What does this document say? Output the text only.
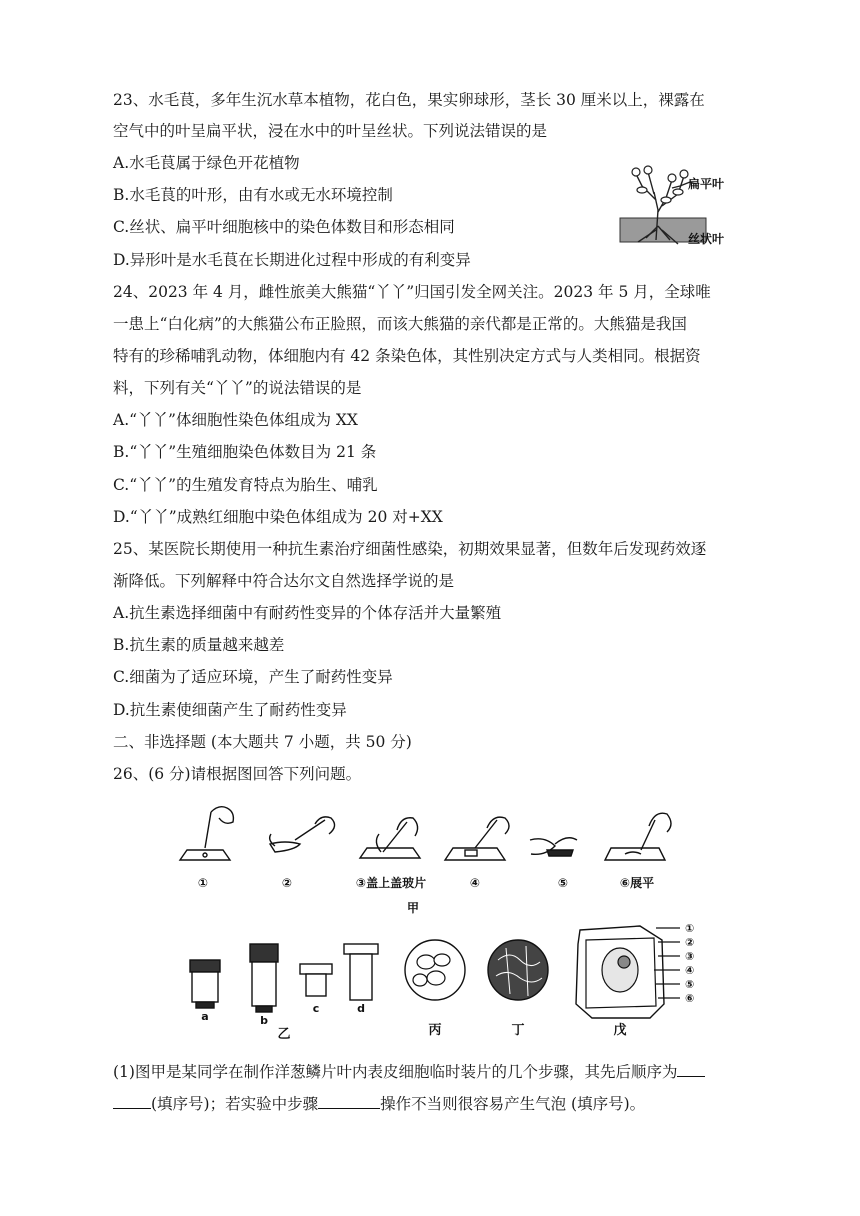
23、水毛茛，多年生沉水草本植物，花白色，果实卵球形，茎长 30 厘米以上，裸露在
空气中的叶呈扁平状，浸在水中的叶呈丝状。下列说法错误的是
A.水毛茛属于绿色开花植物
B.水毛茛的叶形，由有水或无水环境控制
C.丝状、扁平叶细胞核中的染色体数目和形态相同
D.异形叶是水毛茛在长期进化过程中形成的有利变异
扁平叶
丝状叶
24、2023 年 4 月，雌性旅美大熊猫“丫丫”归国引发全网关注。2023 年 5 月，全球唯
一患上“白化病”的大熊猫公布正脸照，而该大熊猫的亲代都是正常的。大熊猫是我国
特有的珍稀哺乳动物，体细胞内有 42 条染色体，其性别决定方式与人类相同。根据资
料，下列有关“丫丫”的说法错误的是
A.“丫丫”体细胞性染色体组成为 XX
B.“丫丫”生殖细胞染色体数目为 21 条
C.“丫丫”的生殖发育特点为胎生、哺乳
D.“丫丫”成熟红细胞中染色体组成为 20 对+XX
25、某医院长期使用一种抗生素治疗细菌性感染，初期效果显著，但数年后发现药效逐
渐降低。下列解释中符合达尔文自然选择学说的是
A.抗生素选择细菌中有耐药性变异的个体存活并大量繁殖
B.抗生素的质量越来越差
C.细菌为了适应环境，产生了耐药性变异
D.抗生素使细菌产生了耐药性变异
二、非选择题 (本大题共 7 小题，共 50 分)
26、(6 分)请根据图回答下列问题。
①	②	③盖上盖玻片	④	⑤	⑥展平
甲
a	b
c	d
①
②
③
④
⑤
⑥
乙	丙	丁	戊
(1)图甲是某同学在制作洋葱鳞片叶内表皮细胞临时装片的几个步骤，其先后顺序为
(填序号)；若实验中步骤	操作不当则很容易产生气泡 (填序号)。
